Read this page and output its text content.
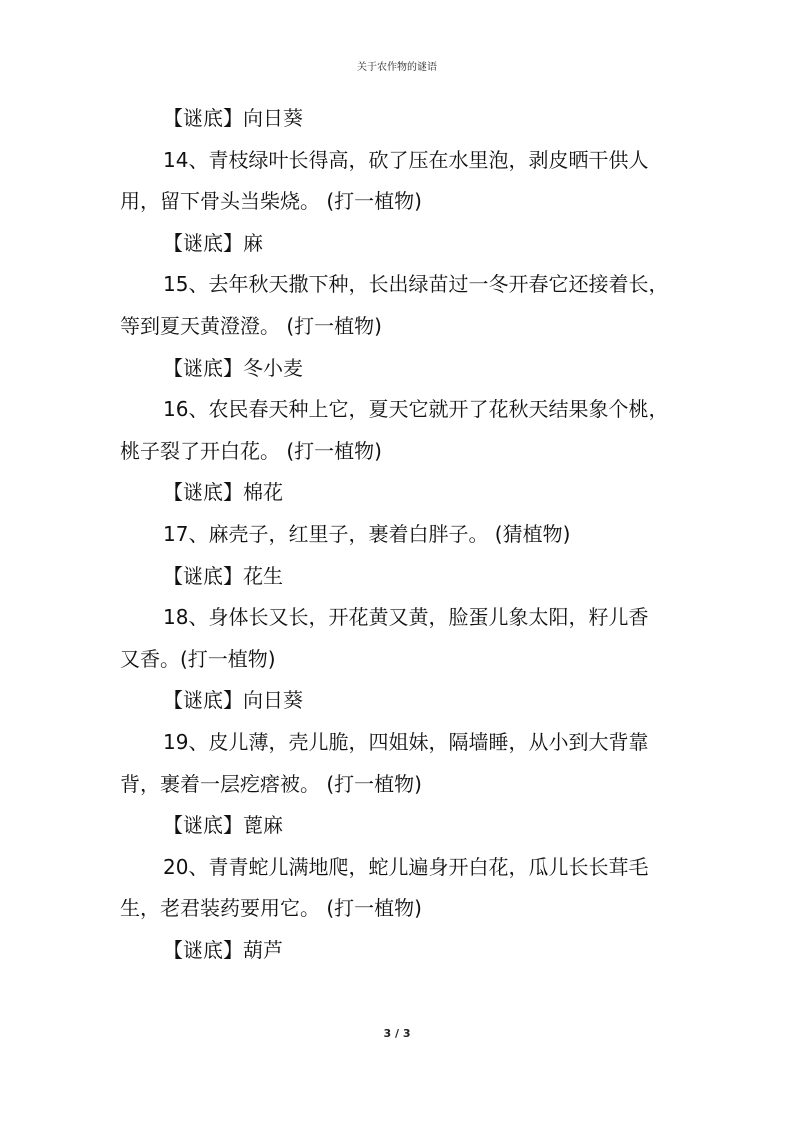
关于农作物的谜语
【谜底】向日葵
14、青枝绿叶长得高，砍了压在水里泡，剥皮晒干供人
用，留下骨头当柴烧。 (打一植物)
【谜底】麻
15、去年秋天撒下种，长出绿苗过一冬开春它还接着长，
等到夏天黄澄澄。 (打一植物)
【谜底】冬小麦
16、农民春天种上它，夏天它就开了花秋天结果象个桃，
桃子裂了开白花。 (打一植物)
【谜底】棉花
17、麻壳子，红里子，裹着白胖子。 (猜植物)
【谜底】花生
18、身体长又长，开花黄又黄，脸蛋儿象太阳，籽儿香
又香。(打一植物)
【谜底】向日葵
19、皮儿薄，壳儿脆，四姐妹，隔墙睡，从小到大背靠
背，裹着一层疙瘩被。 (打一植物)
【谜底】蓖麻
20、青青蛇儿满地爬，蛇儿遍身开白花，瓜儿长长茸毛
生，老君装药要用它。 (打一植物)
【谜底】葫芦
3 / 3
